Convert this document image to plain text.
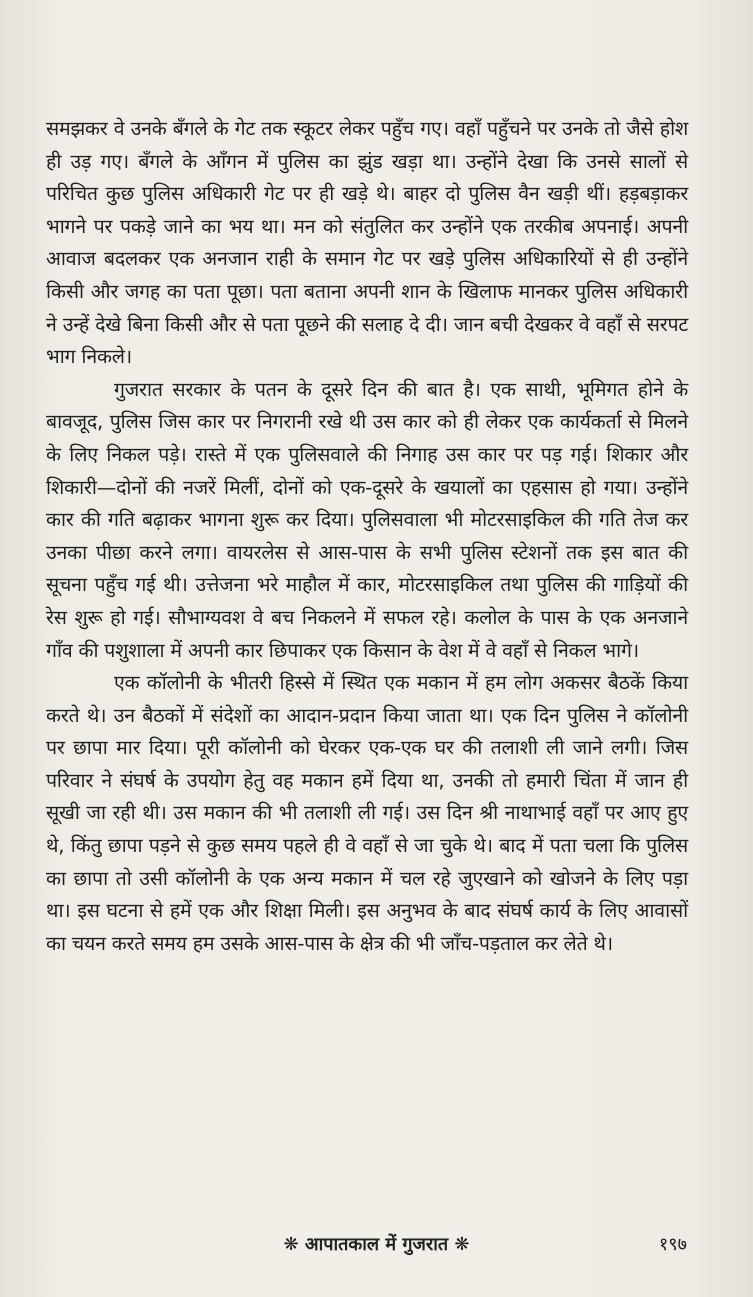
समझकर वे उनके बँगले के गेट तक स्कूटर लेकर पहुँच गए। वहाँ पहुँचने पर उनके तो जैसे होश ही उड़ गए। बँगले के आँगन में पुलिस का झुंड खड़ा था। उन्होंने देखा कि उनसे सालों से परिचित कुछ पुलिस अधिकारी गेट पर ही खड़े थे। बाहर दो पुलिस वैन खड़ी थीं। हड़बड़ाकर भागने पर पकड़े जाने का भय था। मन को संतुलित कर उन्होंने एक तरकीब अपनाई। अपनी आवाज बदलकर एक अनजान राही के समान गेट पर खड़े पुलिस अधिकारियों से ही उन्होंने किसी और जगह का पता पूछा। पता बताना अपनी शान के खिलाफ मानकर पुलिस अधिकारी ने उन्हें देखे बिना किसी और से पता पूछने की सलाह दे दी। जान बची देखकर वे वहाँ से सरपट भाग निकले।

गुजरात सरकार के पतन के दूसरे दिन की बात है। एक साथी, भूमिगत होने के बावजूद, पुलिस जिस कार पर निगरानी रखे थी उस कार को ही लेकर एक कार्यकर्ता से मिलने के लिए निकल पड़े। रास्ते में एक पुलिसवाले की निगाह उस कार पर पड़ गई। शिकार और शिकारी—दोनों की नजरें मिलीं, दोनों को एक-दूसरे के खयालों का एहसास हो गया। उन्होंने कार की गति बढ़ाकर भागना शुरू कर दिया। पुलिसवाला भी मोटरसाइकिल की गति तेज कर उनका पीछा करने लगा। वायरलेस से आस-पास के सभी पुलिस स्टेशनों तक इस बात की सूचना पहुँच गई थी। उत्तेजना भरे माहौल में कार, मोटरसाइकिल तथा पुलिस की गाड़ियों की रेस शुरू हो गई। सौभाग्यवश वे बच निकलने में सफल रहे। कलोल के पास के एक अनजाने गाँव की पशुशाला में अपनी कार छिपाकर एक किसान के वेश में वे वहाँ से निकल भागे।

एक कॉलोनी के भीतरी हिस्से में स्थित एक मकान में हम लोग अकसर बैठकें किया करते थे। उन बैठकों में संदेशों का आदान-प्रदान किया जाता था। एक दिन पुलिस ने कॉलोनी पर छापा मार दिया। पूरी कॉलोनी को घेरकर एक-एक घर की तलाशी ली जाने लगी। जिस परिवार ने संघर्ष के उपयोग हेतु वह मकान हमें दिया था, उनकी तो हमारी चिंता में जान ही सूखी जा रही थी। उस मकान की भी तलाशी ली गई। उस दिन श्री नाथाभाई वहाँ पर आए हुए थे, किंतु छापा पड़ने से कुछ समय पहले ही वे वहाँ से जा चुके थे। बाद में पता चला कि पुलिस का छापा तो उसी कॉलोनी के एक अन्य मकान में चल रहे जुएखाने को खोजने के लिए पड़ा था। इस घटना से हमें एक और शिक्षा मिली। इस अनुभव के बाद संघर्ष कार्य के लिए आवासों का चयन करते समय हम उसके आस-पास के क्षेत्र की भी जाँच-पड़ताल कर लेते थे।

❋ आपातकाल में गुजरात ❋	१९७
